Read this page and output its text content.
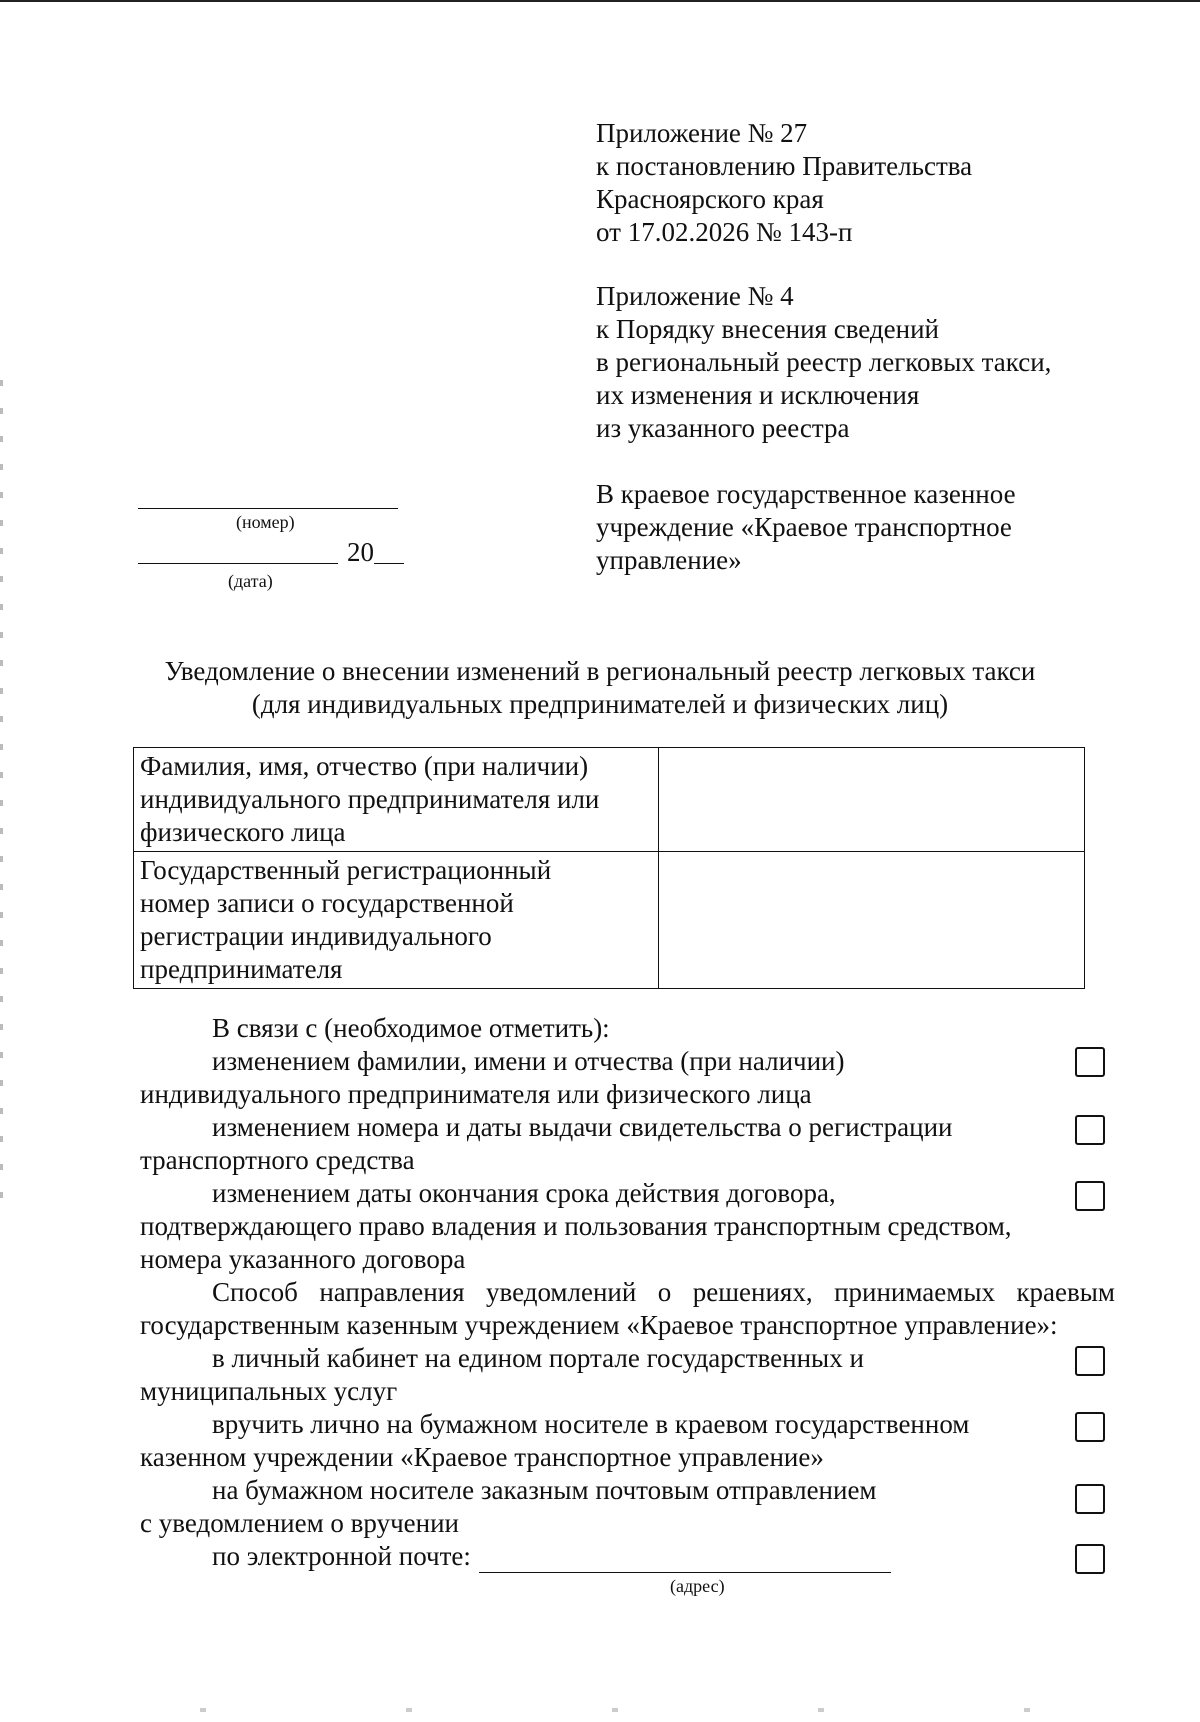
Приложение № 27
к постановлению Правительства
Красноярского края
от 17.02.2026 № 143-п
Приложение № 4
к Порядку внесения сведений
в региональный реестр легковых такси,
их изменения и исключения
из указанного реестра
В краевое государственное казенное
учреждение «Краевое транспортное
управление»
(номер)
20
(дата)
Уведомление о внесении изменений в региональный реестр легковых такси
(для индивидуальных предпринимателей и физических лиц)
Фамилия, имя, отчество (при наличии)
индивидуального предпринимателя или
физического лица	

Государственный регистрационный
номер записи о государственной
регистрации индивидуального
предпринимателя	

В связи с (необходимое отметить):
изменением фамилии, имени и отчества (при наличии)
индивидуального предпринимателя или физического лица
изменением номера и даты выдачи свидетельства о регистрации
транспортного средства
изменением даты окончания срока действия договора,
подтверждающего право владения и пользования транспортным средством,
номера указанного договора
Способ направления уведомлений о решениях, принимаемых краевым
государственным казенным учреждением «Краевое транспортное управление»:
в личный кабинет на едином портале государственных и
муниципальных услуг
вручить лично на бумажном носителе в краевом государственном
казенном учреждении «Краевое транспортное управление»
на бумажном носителе заказным почтовым отправлением
с уведомлением о вручении
по электронной почте:
(адрес)
